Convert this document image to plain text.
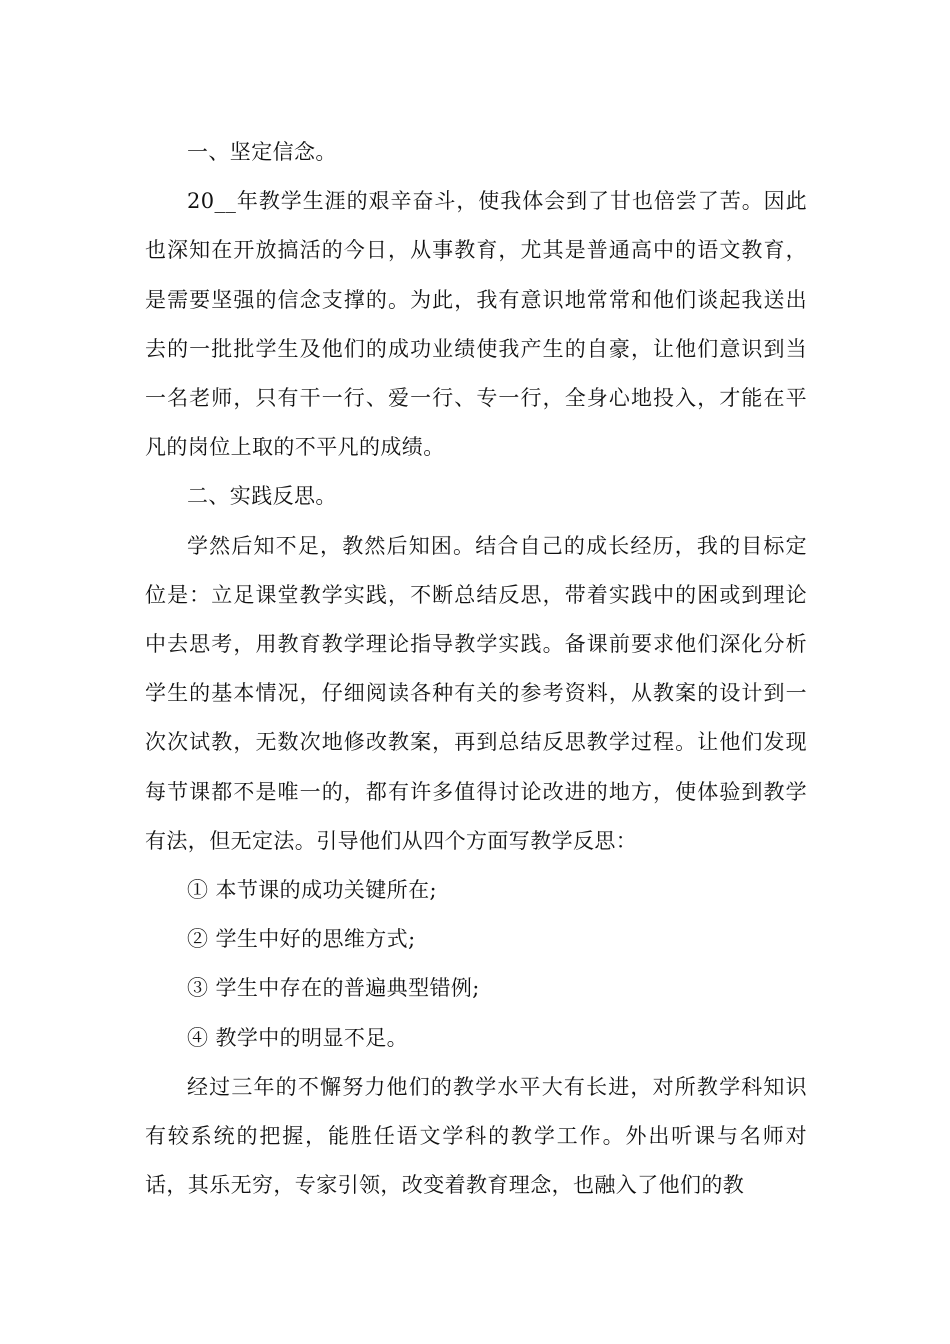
一、坚定信念。

20__年教学生涯的艰辛奋斗，使我体会到了甘也倍尝了苦。因此也深知在开放搞活的今日，从事教育，尤其是普通高中的语文教育，是需要坚强的信念支撑的。为此，我有意识地常常和他们谈起我送出去的一批批学生及他们的成功业绩使我产生的自豪，让他们意识到当一名老师，只有干一行、爱一行、专一行，全身心地投入，才能在平凡的岗位上取的不平凡的成绩。

二、实践反思。

学然后知不足，教然后知困。结合自己的成长经历，我的目标定位是：立足课堂教学实践，不断总结反思，带着实践中的困或到理论中去思考，用教育教学理论指导教学实践。备课前要求他们深化分析学生的基本情况，仔细阅读各种有关的参考资料，从教案的设计到一次次试教，无数次地修改教案，再到总结反思教学过程。让他们发现每节课都不是唯一的，都有许多值得讨论改进的地方，使体验到教学有法，但无定法。引导他们从四个方面写教学反思：

① 本节课的成功关键所在;

② 学生中好的思维方式;

③ 学生中存在的普遍典型错例;

④ 教学中的明显不足。

经过三年的不懈努力他们的教学水平大有长进，对所教学科知识有较系统的把握，能胜任语文学科的教学工作。外出听课与名师对话，其乐无穷，专家引领，改变着教育理念，也融入了他们的教
